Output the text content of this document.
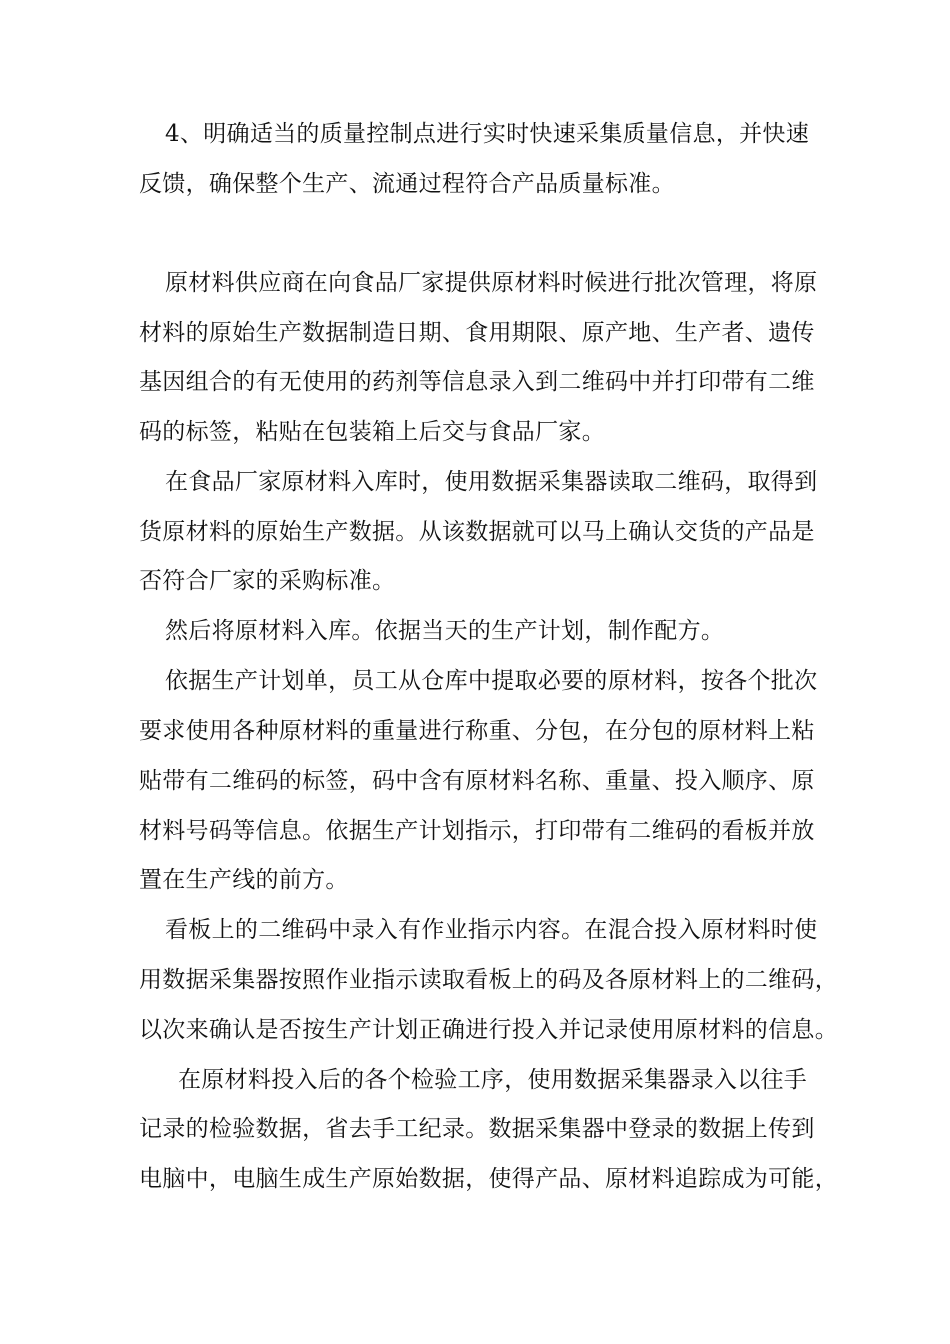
4、明确适当的质量控制点进行实时快速采集质量信息，并快速

反馈，确保整个生产、流通过程符合产品质量标准。

原材料供应商在向食品厂家提供原材料时候进行批次管理，将原

材料的原始生产数据制造日期、食用期限、原产地、生产者、遗传

基因组合的有无使用的药剂等信息录入到二维码中并打印带有二维

码的标签，粘贴在包装箱上后交与食品厂家。

在食品厂家原材料入库时，使用数据采集器读取二维码，取得到

货原材料的原始生产数据。从该数据就可以马上确认交货的产品是

否符合厂家的采购标准。

然后将原材料入库。依据当天的生产计划，制作配方。

依据生产计划单，员工从仓库中提取必要的原材料，按各个批次

要求使用各种原材料的重量进行称重、分包，在分包的原材料上粘

贴带有二维码的标签，码中含有原材料名称、重量、投入顺序、原

材料号码等信息。依据生产计划指示，打印带有二维码的看板并放

置在生产线的前方。

看板上的二维码中录入有作业指示内容。在混合投入原材料时使

用数据采集器按照作业指示读取看板上的码及各原材料上的二维码，

以次来确认是否按生产计划正确进行投入并记录使用原材料的信息。

在原材料投入后的各个检验工序，使用数据采集器录入以往手

记录的检验数据，省去手工纪录。数据采集器中登录的数据上传到

电脑中，电脑生成生产原始数据，使得产品、原材料追踪成为可能，
